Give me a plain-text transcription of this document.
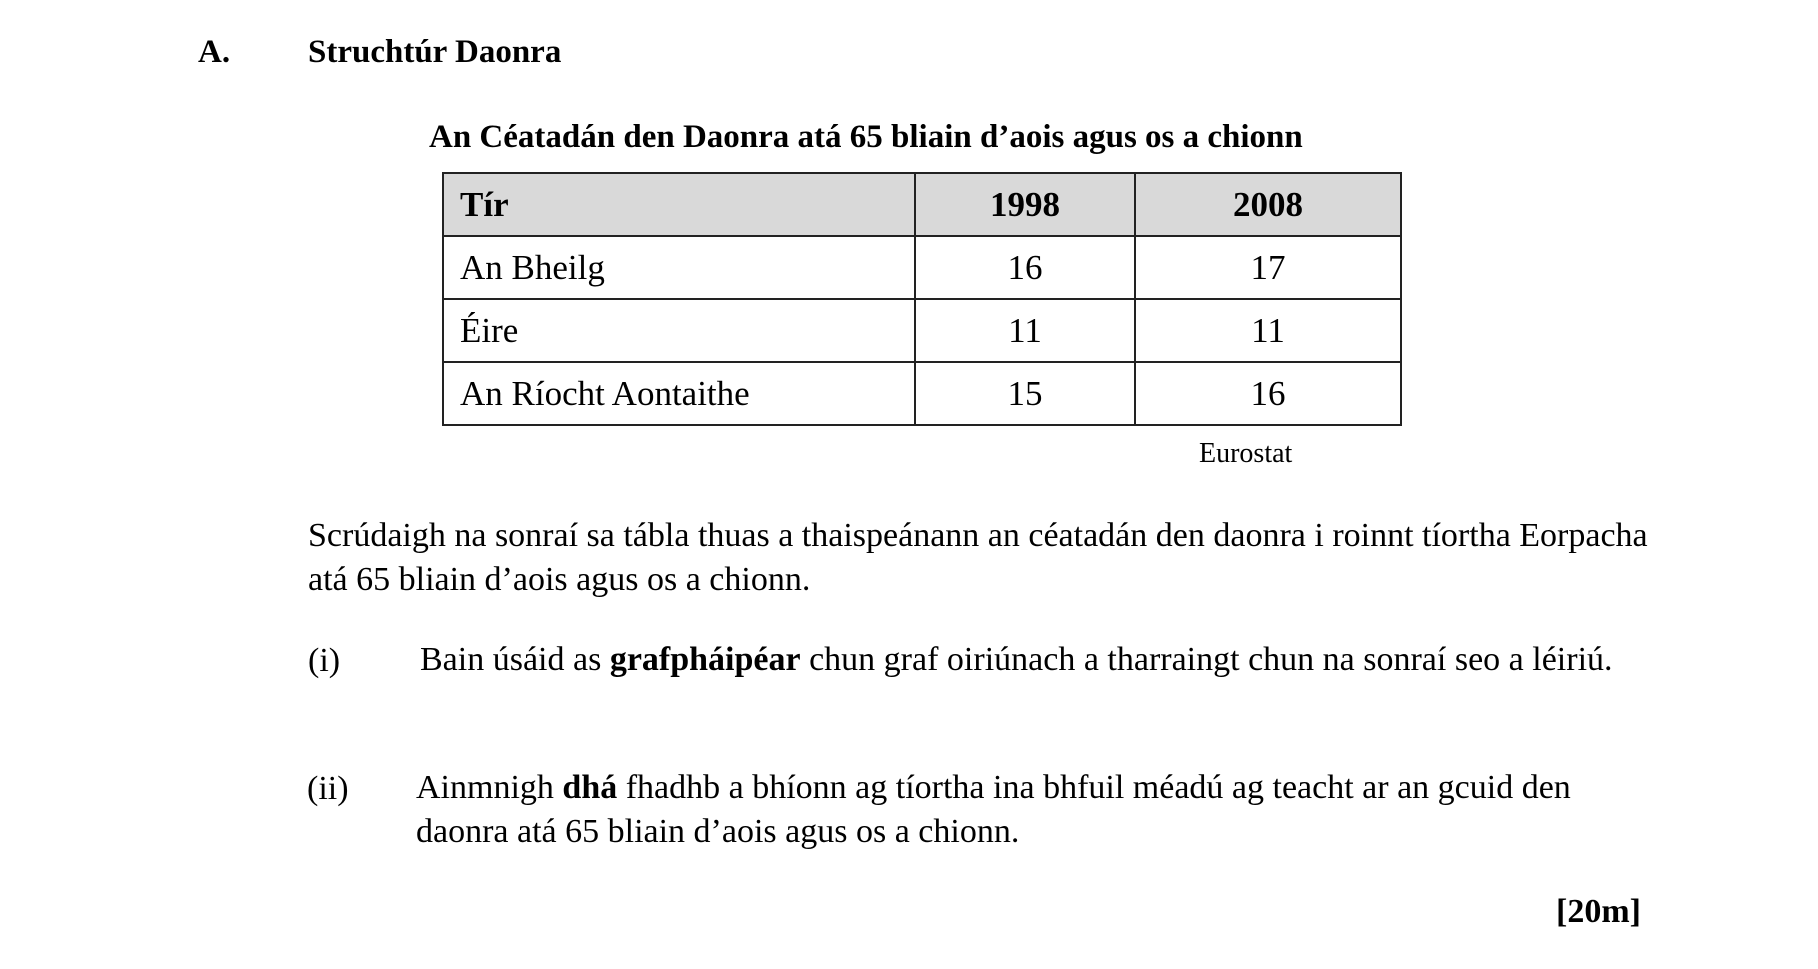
A. Struchtúr Daonra
An Céatadán den Daonra atá 65 bliain d’aois agus os a chionn
Tír	1998	2008
An Bheilg	16	17
Éire	11	11
An Ríocht Aontaithe	15	16
Eurostat
Scrúdaigh na sonraí sa tábla thuas a thaispeánann an céatadán den daonra i roinnt tíortha Eorpacha atá 65 bliain d’aois agus os a chionn.
(i) Bain úsáid as grafpháipéar chun graf oiriúnach a tharraingt chun na sonraí seo a léiriú.
(ii) Ainmnigh dhá fhadhb a bhíonn ag tíortha ina bhfuil méadú ag teacht ar an gcuid den daonra atá 65 bliain d’aois agus os a chionn.
[20m]
